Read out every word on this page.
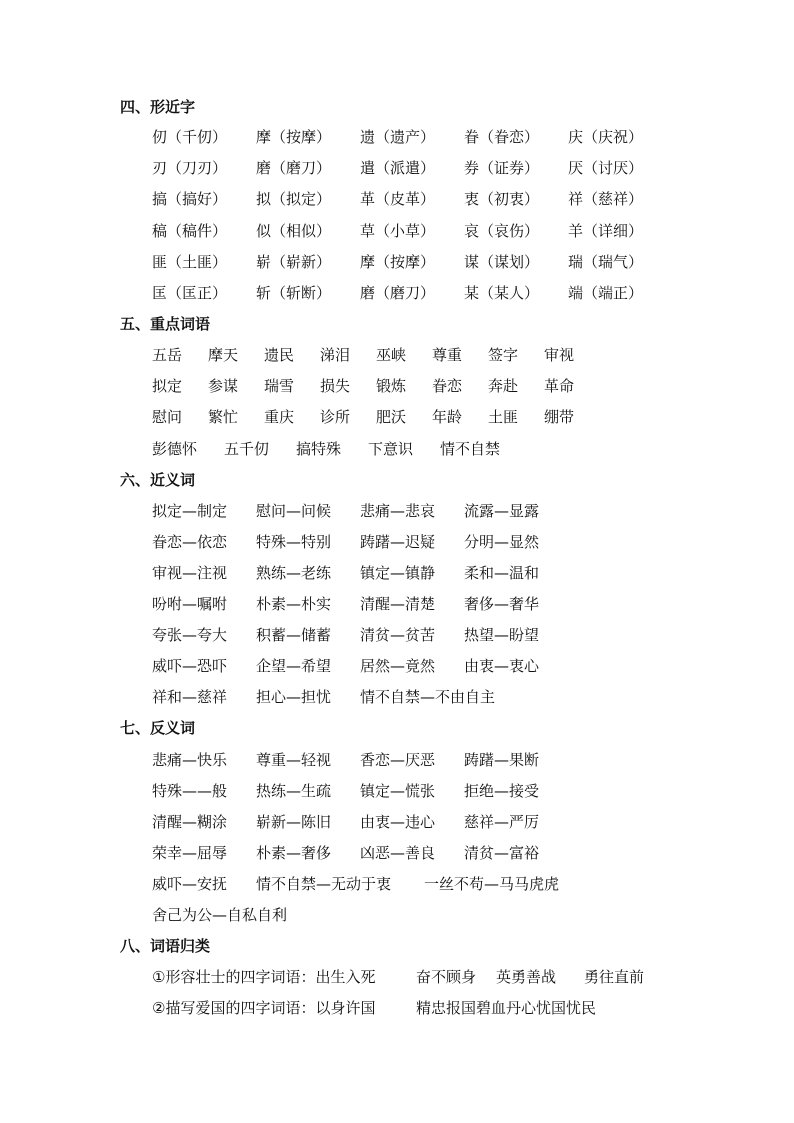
四、形近字
仞（千仞） 摩（按摩） 遗（遗产） 眷（眷恋） 庆（庆祝）
刃（刀刃） 磨（磨刀） 遣（派遣） 券（证券） 厌（讨厌）
搞（搞好） 拟（拟定） 革（皮革） 衷（初衷） 祥（慈祥）
稿（稿件） 似（相似） 草（小草） 哀（哀伤） 羊（详细）
匪（土匪） 崭（崭新） 摩（按摩） 谋（谋划） 瑞（瑞气）
匡（匡正） 斩（斩断） 磨（磨刀） 某（某人） 端（端正）
五、重点词语
五岳 摩天 遗民 涕泪 巫峡 尊重 签字 审视
拟定 参谋 瑞雪 损失 锻炼 眷恋 奔赴 革命
慰问 繁忙 重庆 诊所 肥沃 年龄 土匪 绷带
彭德怀 五千仞 搞特殊 下意识 情不自禁
六、近义词
拟定—制定 慰问—问候 悲痛—悲哀 流露—显露
眷恋—依恋 特殊—特别 踌躇—迟疑 分明—显然
审视—注视 熟练—老练 镇定—镇静 柔和—温和
吩咐—嘱咐 朴素—朴实 清醒—清楚 奢侈—奢华
夸张—夸大 积蓄—储蓄 清贫—贫苦 热望—盼望
威吓—恐吓 企望—希望 居然—竟然 由衷—衷心
祥和—慈祥 担心—担忧 情不自禁—不由自主
七、反义词
悲痛—快乐 尊重—轻视 香恋—厌恶 踌躇—果断
特殊——般 热练—生疏 镇定—慌张 拒绝—接受
清醒—糊涂 崭新—陈旧 由衷—违心 慈祥—严厉
荣幸—屈辱 朴素—奢侈 凶恶—善良 清贫—富裕
威吓—安抚 情不自禁—无动于衷 一丝不苟—马马虎虎
舍己为公—自私自利
八、词语归类
①形容壮士的四字词语：出生入死	奋不顾身 英勇善战 勇往直前
②描写爱国的四字词语：以身许国	精忠报国碧血丹心忧国忧民
